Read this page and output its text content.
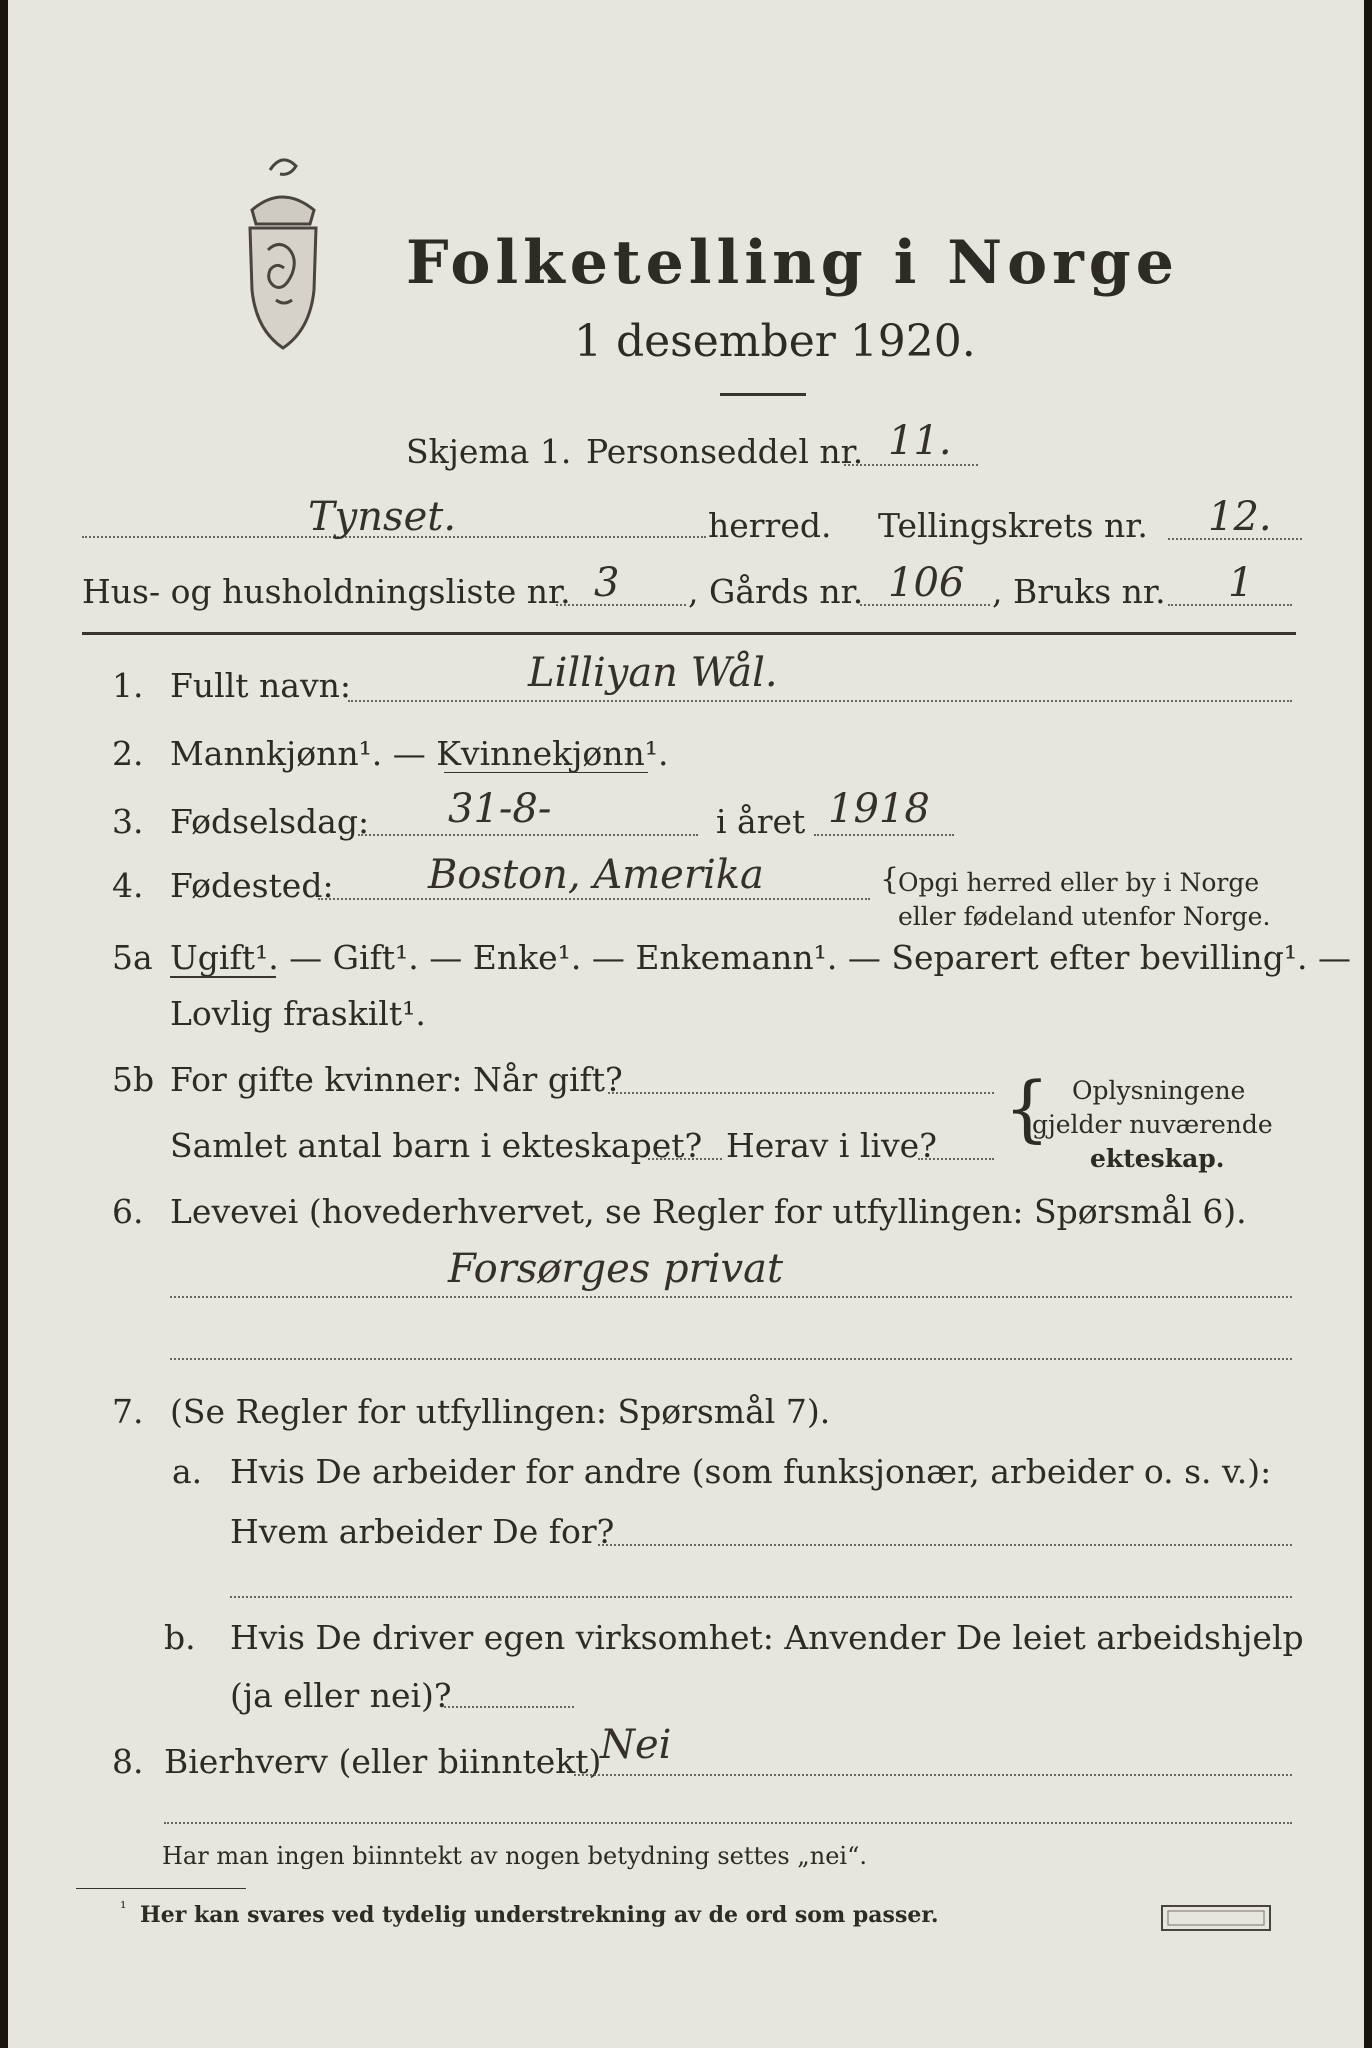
Folketelling i Norge
1 desember 1920.
Skjema 1. Personseddel nr. 11.
Tynset.	herred. Tellingskrets nr. 12.
Hus- og husholdningsliste nr. 3 , Gårds nr. 106 , Bruks nr. 1
1. Fullt navn:	Lilliyan Wål.
2. Mannkjønn¹. — Kvinnekjønn¹.
3. Fødselsdag: 31-8-	i året 1918
4. Fødested: Boston, Amerika	{
Opgi herred eller by i Norge
eller fødeland utenfor Norge.
5a Ugift¹. — Gift¹. — Enke¹. — Enkemann¹. — Separert efter bevilling¹. —
Lovlig fraskilt¹.
5b For gifte kvinner: Når gift?
Samlet antal barn i ekteskapet? Herav i live? { Oplysningene
gjelder nuværende
ekteskap.
6. Levevei (hovederhvervet, se Regler for utfyllingen: Spørsmål 6).
Forsørges privat
7. (Se Regler for utfyllingen: Spørsmål 7).
a. Hvis De arbeider for andre (som funksjonær, arbeider o. s. v.):
Hvem arbeider De for?
b. Hvis De driver egen virksomhet: Anvender De leiet arbeidshjelp
(ja eller nei)?
8. Bierhverv (eller biinntekt)
Nei
Har man ingen biinntekt av nogen betydning settes „nei“.
¹ Her kan svares ved tydelig understrekning av de ord som passer.
